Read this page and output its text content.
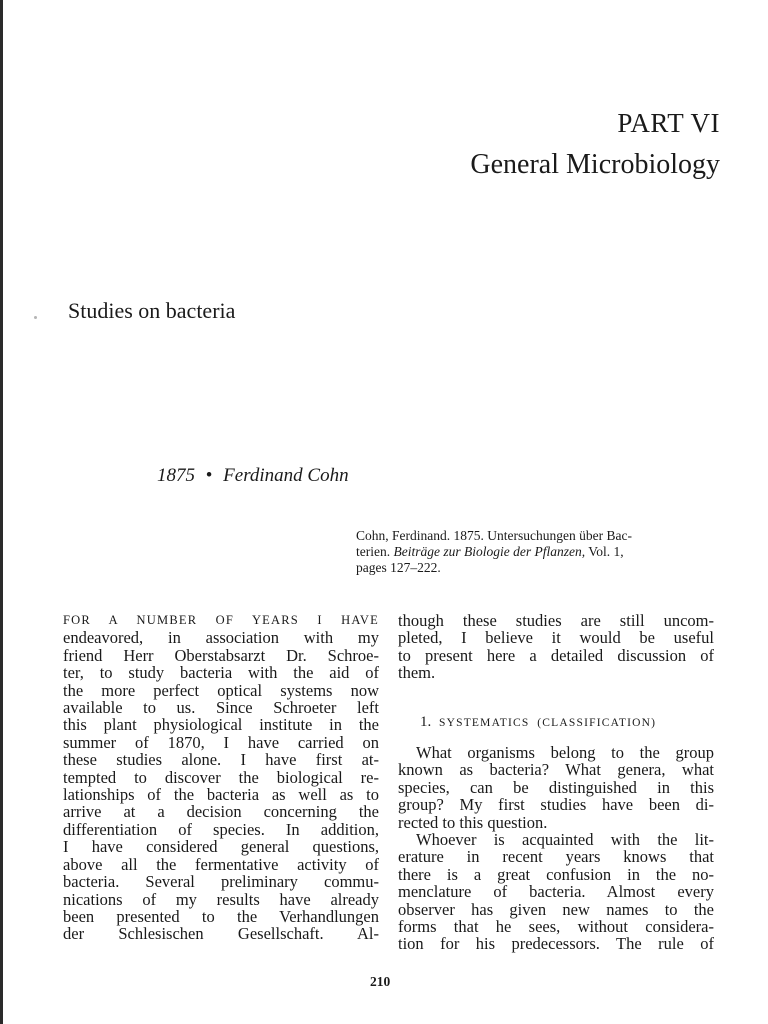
PART VI
General Microbiology
Studies on bacteria
1875 • Ferdinand Cohn
Cohn, Ferdinand. 1875. Untersuchungen über Bac-
terien. Beiträge zur Biologie der Pflanzen, Vol. 1,
pages 127–222.
FOR A NUMBER OF YEARS I HAVE
endeavored, in association with my
friend Herr Oberstabsarzt Dr. Schroe-
ter, to study bacteria with the aid of
the more perfect optical systems now
available to us. Since Schroeter left
this plant physiological institute in the
summer of 1870, I have carried on
these studies alone. I have first at-
tempted to discover the biological re-
lationships of the bacteria as well as to
arrive at a decision concerning the
differentiation of species. In addition,
I have considered general questions,
above all the fermentative activity of
bacteria. Several preliminary commu-
nications of my results have already
been presented to the Verhandlungen
der Schlesischen Gesellschaft. Al-
though these studies are still uncom-
pleted, I believe it would be useful
to present here a detailed discussion of
them.
1. SYSTEMATICS (CLASSIFICATION)
What organisms belong to the group
known as bacteria? What genera, what
species, can be distinguished in this
group? My first studies have been di-
rected to this question.
Whoever is acquainted with the lit-
erature in recent years knows that
there is a great confusion in the no-
menclature of bacteria. Almost every
observer has given new names to the
forms that he sees, without considera-
tion for his predecessors. The rule of
210
